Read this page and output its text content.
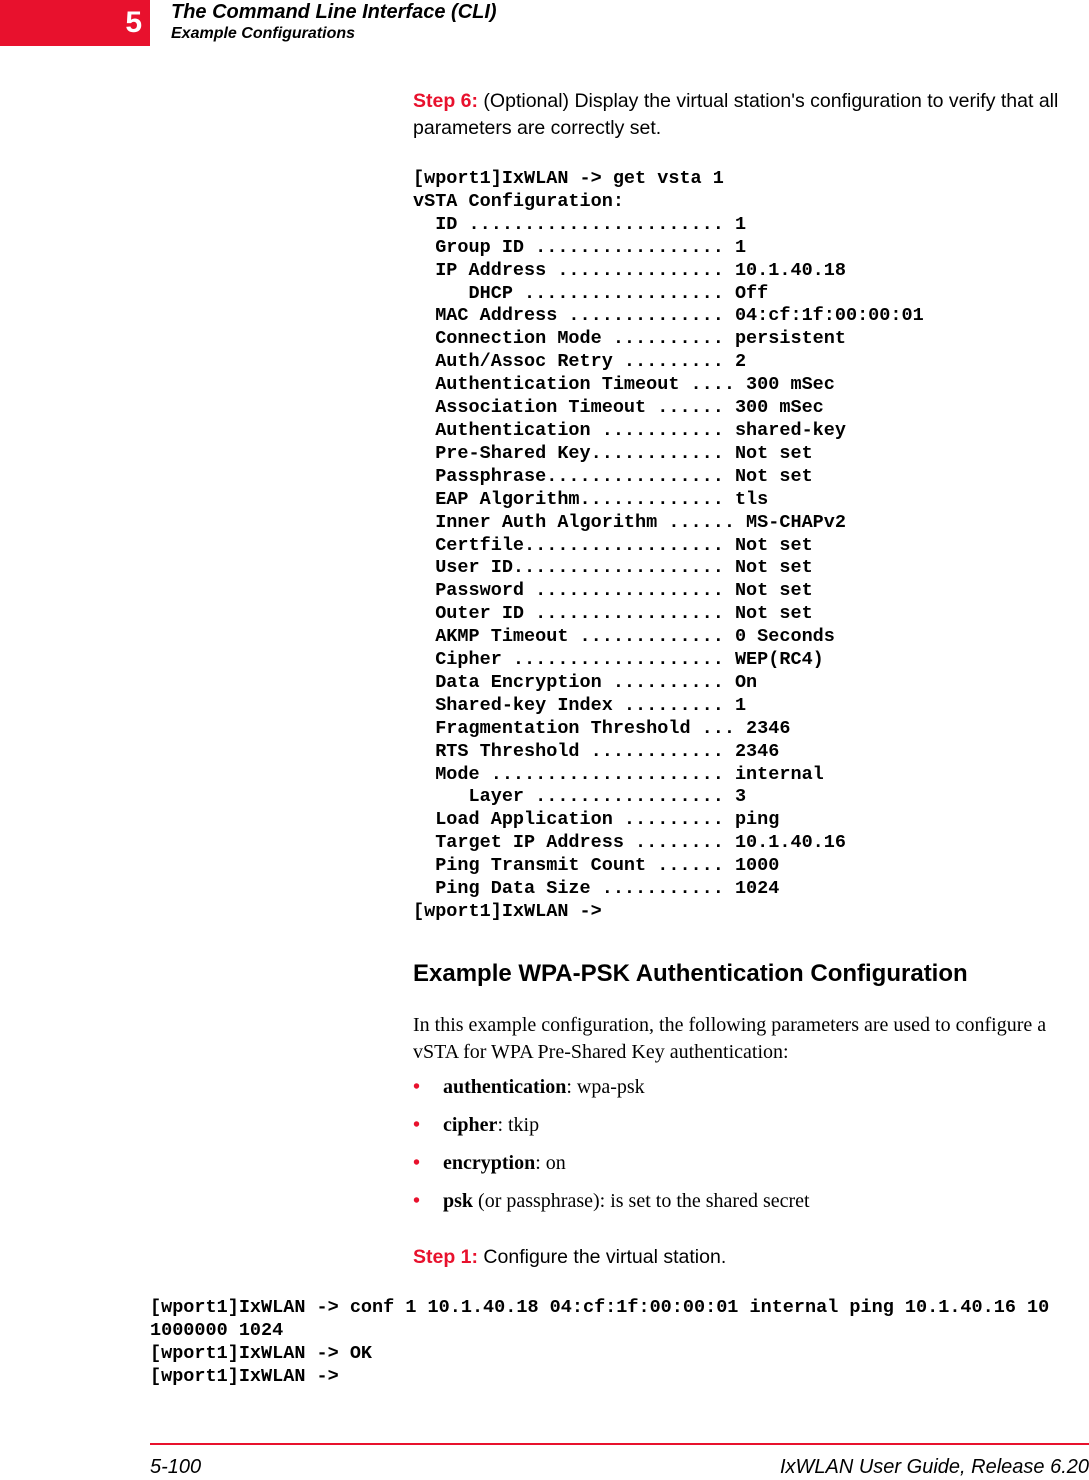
5	The Command Line Interface (CLI)
Example Configurations
Step 6: (Optional) Display the virtual station's configuration to verify that all parameters are correctly set.
[wport1]IxWLAN -> get vsta 1
vSTA Configuration:
ID ....................... 1
Group ID ................. 1
IP Address ............... 10.1.40.18
DHCP .................. Off
MAC Address .............. 04:cf:1f:00:00:01
Connection Mode .......... persistent
Auth/Assoc Retry ......... 2
Authentication Timeout .... 300 mSec
Association Timeout ...... 300 mSec
Authentication ........... shared-key
Pre-Shared Key............ Not set
Passphrase................ Not set
EAP Algorithm............. tls
Inner Auth Algorithm ...... MS-CHAPv2
Certfile.................. Not set
User ID................... Not set
Password ................. Not set
Outer ID ................. Not set
AKMP Timeout ............. 0 Seconds
Cipher ................... WEP(RC4)
Data Encryption .......... On
Shared-key Index ......... 1
Fragmentation Threshold ... 2346
RTS Threshold ............ 2346
Mode ..................... internal
Layer ................. 3
Load Application ......... ping
Target IP Address ........ 10.1.40.16
Ping Transmit Count ...... 1000
Ping Data Size ........... 1024
[wport1]IxWLAN ->
Example WPA-PSK Authentication Configuration
In this example configuration, the following parameters are used to configure a vSTA for WPA Pre-Shared Key authentication:
• authentication: wpa-psk
• cipher: tkip
• encryption: on
• psk (or passphrase): is set to the shared secret
Step 1: Configure the virtual station.
[wport1]IxWLAN -> conf 1 10.1.40.18 04:cf:1f:00:00:01 internal ping 10.1.40.16 10
1000000 1024
[wport1]IxWLAN -> OK
[wport1]IxWLAN ->
5-100	IxWLAN User Guide, Release 6.20
